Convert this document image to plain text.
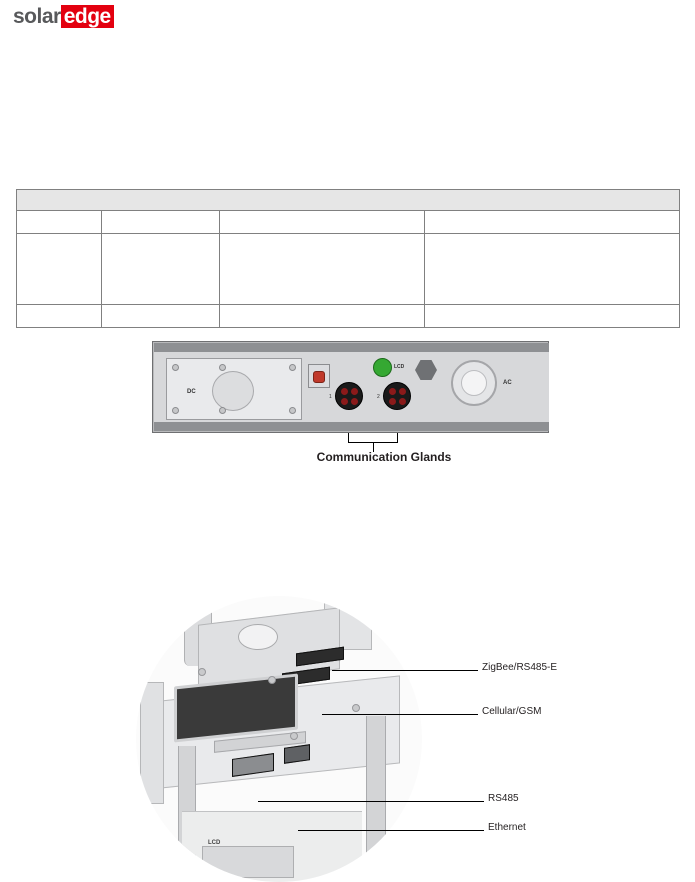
solar edge

DC
LCD
AC
1	2
Communication Glands
LCD
ZigBee/RS485-E
Cellular/GSM
RS485
Ethernet
